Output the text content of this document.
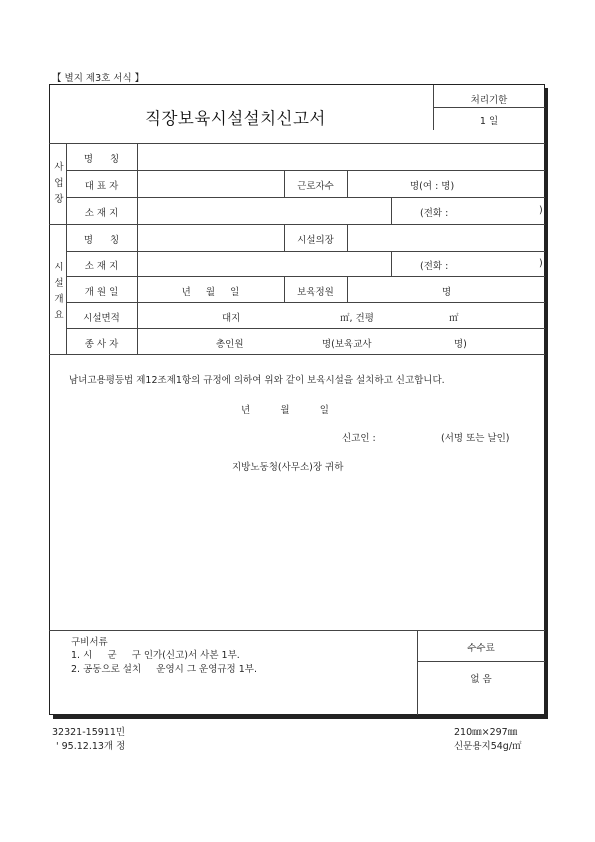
【 별지 제3호 서식 】
직장보육시설설치신고서
처리기한
1 일
사
업
장
명 칭
대 표 자	근로자수	명(여 : 명)
소 재 지	(전화 :	)
시
설
개
요
명 칭	시설의장
소 재 지	(전화 :	)
개 원 일	년     월     일	보육정원	명
시설면적	대지	㎡, 건평	㎡
종 사 자	총인원	명(보육교사	명)
남녀고용평등법 제12조제1항의 규정에 의하여 위와 같이 보육시설을 설치하고 신고합니다.
년          월          일
신고인 :	(서명 또는 날인)
지방노동청(사무소)장 귀하
구비서류
1. 시     군     구 인가(신고)서 사본 1부.
2. 공동으로 설치     운영시 그 운영규정 1부.
수수료
없 음
32321-15911민
' 95.12.13개 정
210㎜×297㎜
신문용지54g/㎡
